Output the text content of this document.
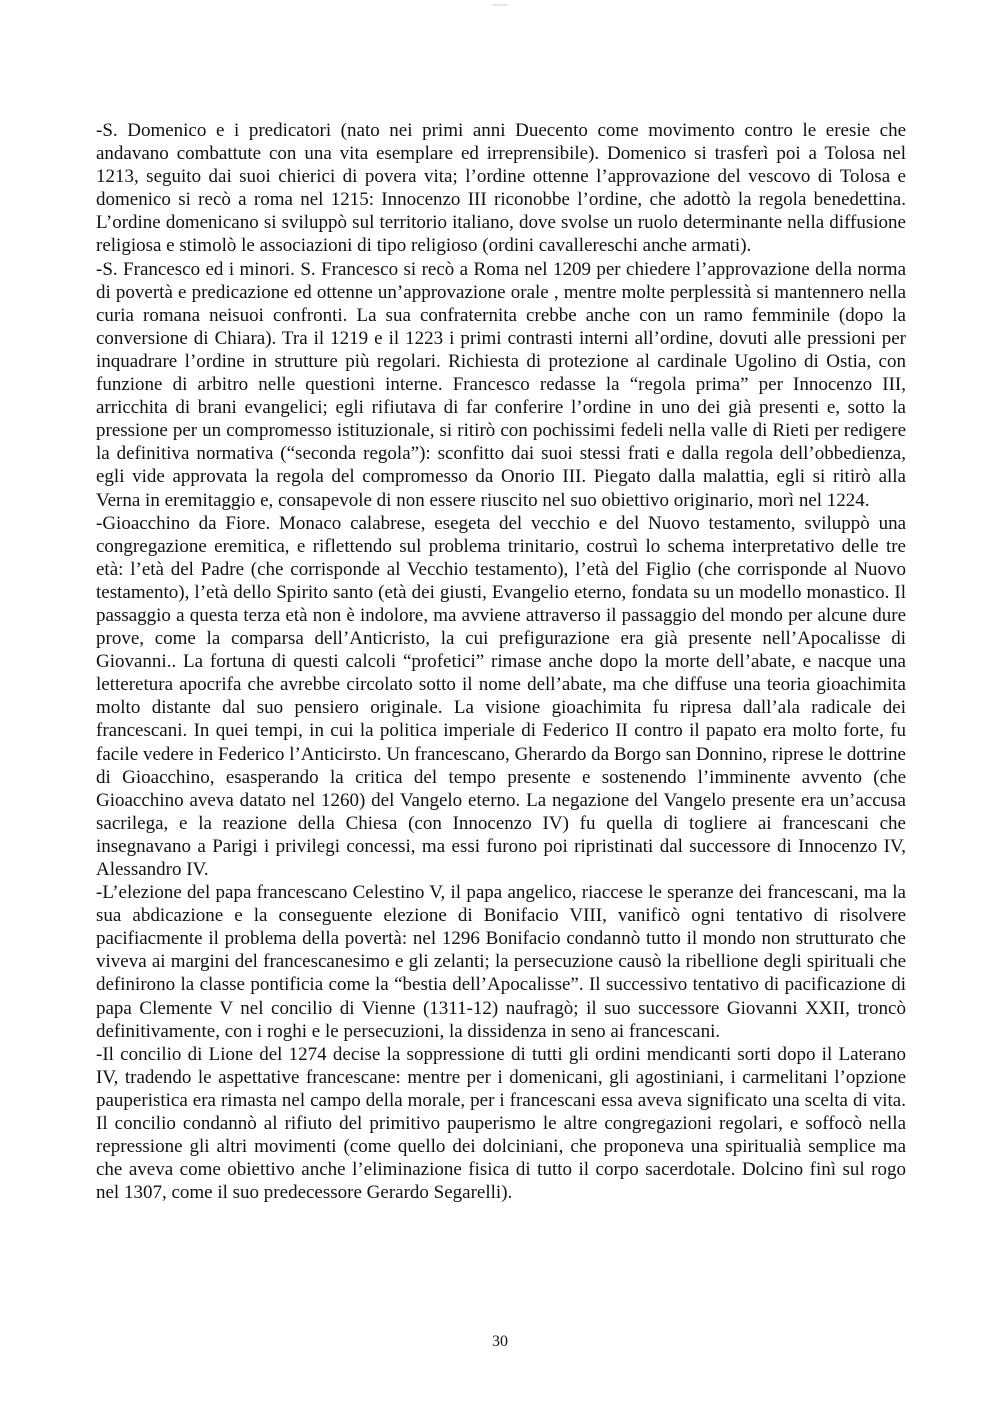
xxx xxxx

-S. Domenico e i predicatori (nato nei primi anni Duecento come movimento contro le eresie che andavano combattute con una vita esemplare ed irreprensibile). Domenico si trasferì poi a Tolosa nel 1213, seguito dai suoi chierici di povera vita; l’ordine ottenne l’approvazione del vescovo di Tolosa e domenico si recò a roma nel 1215: Innocenzo III riconobbe l’ordine, che adottò la regola benedettina. L’ordine domenicano si sviluppò sul territorio italiano, dove svolse un ruolo determinante nella diffusione religiosa e stimolò le associazioni di tipo religioso (ordini cavallereschi anche armati).

-S. Francesco ed i minori. S. Francesco si recò a Roma nel 1209 per chiedere l’approvazione della norma di povertà e predicazione ed ottenne un’approvazione orale , mentre molte perplessità si mantennero nella curia romana neisuoi confronti. La sua confraternita crebbe anche con un ramo femminile (dopo la conversione di Chiara). Tra il 1219 e il 1223 i primi contrasti interni all’ordine, dovuti alle pressioni per inquadrare l’ordine in strutture più regolari. Richiesta di protezione al cardinale Ugolino di Ostia, con funzione di arbitro nelle questioni interne. Francesco redasse la “regola prima” per Innocenzo III, arricchita di brani evangelici; egli rifiutava di far conferire l’ordine in uno dei già presenti e, sotto la pressione per un compromesso istituzionale, si ritirò con pochissimi fedeli nella valle di Rieti per redigere la definitiva normativa (“seconda regola”): sconfitto dai suoi stessi frati e dalla regola dell’obbedienza, egli vide approvata la regola del compromesso da Onorio III. Piegato dalla malattia, egli si ritirò alla Verna in eremitaggio e, consapevole di non essere riuscito nel suo obiettivo originario, morì nel 1224.

-Gioacchino da Fiore. Monaco calabrese, esegeta del vecchio e del Nuovo testamento, sviluppò una congregazione eremitica, e riflettendo sul problema trinitario, costruì lo schema interpretativo delle tre età: l’età del Padre (che corrisponde al Vecchio testamento), l’età del Figlio (che corrisponde al Nuovo testamento), l’età dello Spirito santo (età dei giusti, Evangelio eterno, fondata su un modello monastico. Il passaggio a questa terza età non è indolore, ma avviene attraverso il passaggio del mondo per alcune dure prove, come la comparsa dell’Anticristo, la cui prefigurazione era già presente nell’Apocalisse di Giovanni.. La fortuna di questi calcoli “profetici” rimase anche dopo la morte dell’abate, e nacque una letteretura apocrifa che avrebbe circolato sotto il nome dell’abate, ma che diffuse una teoria gioachimita molto distante dal suo pensiero originale. La visione gioachimita fu ripresa dall’ala radicale dei francescani. In quei tempi, in cui la politica imperiale di Federico II contro il papato era molto forte, fu facile vedere in Federico l’Anticirsto. Un francescano, Gherardo da Borgo san Donnino, riprese le dottrine di Gioacchino, esasperando la critica del tempo presente e sostenendo l’imminente avvento (che Gioacchino aveva datato nel 1260) del Vangelo eterno. La negazione del Vangelo presente era un’accusa sacrilega, e la reazione della Chiesa (con Innocenzo IV) fu quella di togliere ai francescani che insegnavano a Parigi i privilegi concessi, ma essi furono poi ripristinati dal successore di Innocenzo IV, Alessandro IV.

-L’elezione del papa francescano Celestino V, il papa angelico, riaccese le speranze dei francescani, ma la sua abdicazione e la conseguente elezione di Bonifacio VIII, vanificò ogni tentativo di risolvere pacifiacmente il problema della povertà: nel 1296 Bonifacio condannò tutto il mondo non strutturato che viveva ai margini del francescanesimo e gli zelanti; la persecuzione causò la ribellione degli spirituali che definirono la classe pontificia come la “bestia dell’Apocalisse”. Il successivo tentativo di pacificazione di papa Clemente V nel concilio di Vienne (1311-12) naufragò; il suo successore Giovanni XXII, troncò definitivamente, con i roghi e le persecuzioni, la dissidenza in seno ai francescani.

-Il concilio di Lione del 1274 decise la soppressione di tutti gli ordini mendicanti sorti dopo il Laterano IV, tradendo le aspettative francescane: mentre per i domenicani, gli agostiniani, i carmelitani l’opzione pauperistica era rimasta nel campo della morale, per i francescani essa aveva significato una scelta di vita. Il concilio condannò al rifiuto del primitivo pauperismo le altre congregazioni regolari, e soffocò nella repressione gli altri movimenti (come quello dei dolciniani, che proponeva una spiritualià semplice ma che aveva come obiettivo anche l’eliminazione fisica di tutto il corpo sacerdotale. Dolcino finì sul rogo nel 1307, come il suo predecessore Gerardo Segarelli).

30
